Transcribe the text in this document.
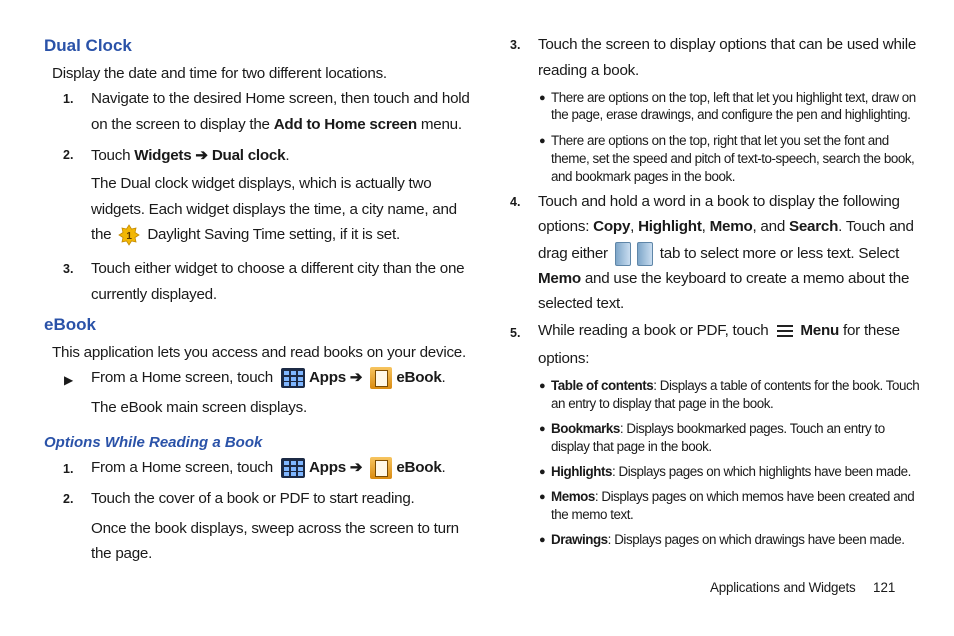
Dual Clock
Display the date and time for two different locations.
1. Navigate to the desired Home screen, then touch and hold
on the screen to display the Add to Home screen menu.
2. Touch Widgets ➔ Dual clock.
The Dual clock widget displays, which is actually two
widgets. Each widget displays the time, a city name, and
the 1 Daylight Saving Time setting, if it is set.
3. Touch either widget to choose a different city than the one
currently displayed.
eBook
This application lets you access and read books on your device.
▶ From a Home screen, touch
Apps ➔ eBook.
The eBook main screen displays.
Options While Reading a Book
1. From a Home screen, touch
Apps ➔ eBook.
2. Touch the cover of a book or PDF to start reading.
Once the book displays, sweep across the screen to turn
the page.
3. Touch the screen to display options that can be used while
reading a book.
● There are options on the top, left that let you highlight text, draw on
the page, erase drawings, and configure the pen and highlighting.
● There are options on the top, right that let you set the font and
theme, set the speed and pitch of text-to-speech, search the book,
and bookmark pages in the book.
4. Touch and hold a word in a book to display the following
options: Copy, Highlight, Memo, and Search. Touch and
drag either	tab to select more or less text. Select
Memo and use the keyboard to create a memo about the
selected text.
5. While reading a book or PDF, touch
Menu for these
options:
● Table of contents: Displays a table of contents for the book. Touch
an entry to display that page in the book.
● Bookmarks: Displays bookmarked pages. Touch an entry to
display that page in the book.
● Highlights: Displays pages on which highlights have been made.
● Memos: Displays pages on which memos have been created and
the memo text.
● Drawings: Displays pages on which drawings have been made.
Applications and Widgets 121
